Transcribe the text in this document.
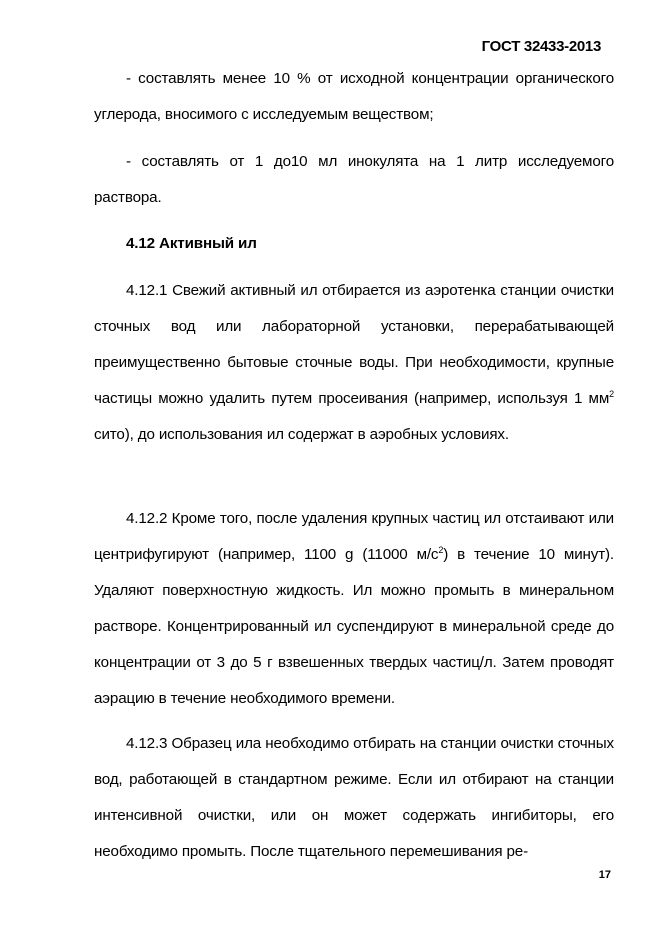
ГОСТ 32433-2013

- составлять менее 10 % от исходной концентрации органического углерода, вносимого с исследуемым веществом;

- составлять от 1 до10 мл инокулята на 1 литр исследуемого раствора.

4.12 Активный ил

4.12.1 Свежий активный ил отбирается из аэротенка станции очистки сточных вод или лабораторной установки, перерабатывающей преимущественно бытовые сточные воды. При необходимости, крупные частицы можно удалить путем просеивания (например, используя 1 $мм^2$ сито), до использования ил содержат в аэробных условиях.

4.12.2 Кроме того, после удаления крупных частиц ил отстаивают или центрифугируют (например, 1100 g (11000 $м/с^2$) в течение 10 минут). Удаляют поверхностную жидкость. Ил можно промыть в минеральном растворе. Концентрированный ил суспендируют в минеральной среде до концентрации от 3 до 5 г взвешенных твердых частиц/л. Затем проводят аэрацию в течение необходимого времени.

4.12.3 Образец ила необходимо отбирать на станции очистки сточных вод, работающей в стандартном режиме. Если ил отбирают на станции интенсивной очистки, или он может содержать ингибиторы, его необходимо промыть. После тщательного перемешивания ре-

17
